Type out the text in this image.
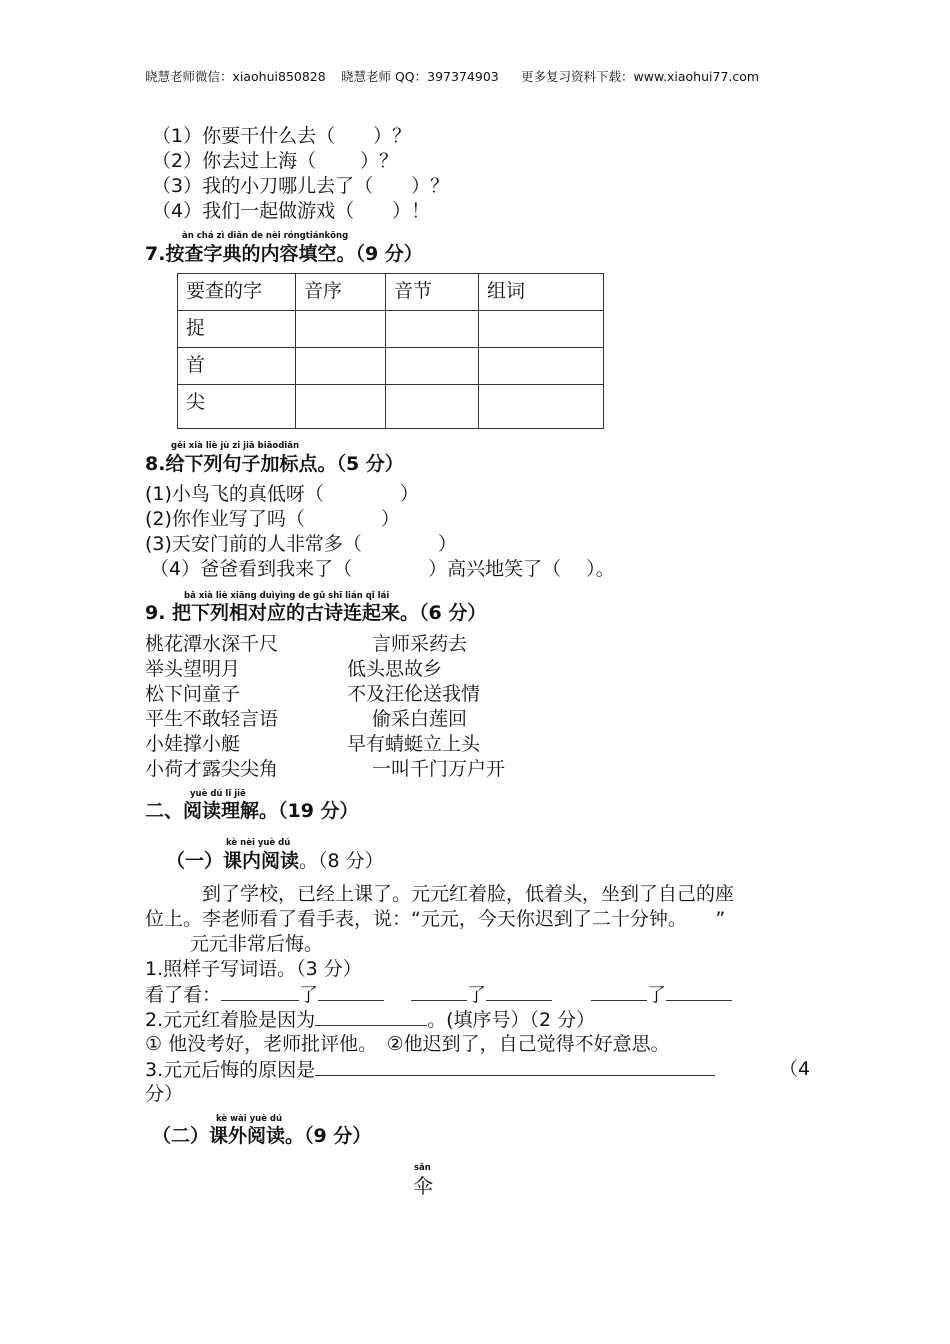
晓慧老师微信：xiaohui850828 晓慧老师 QQ：397374903 更多复习资料下载：www.xiaohui77.com
（1）你要干什么去（　　）？
（2）你去过上海（　　 ）？
（3）我的小刀哪儿去了（　　）？
（4）我们一起做游戏（　　）！
àn chá zì diǎn de nèi róngtiánkōng
7.按查字典的内容填空。（9 分）
要查的字	音序	音节	组词
捉			
首			
尖			
gěi xià liè jù zi jiā biāodiǎn
8.给下列句子加标点。（5 分）
(1)小鸟飞的真低呀（　　　　）
(2)你作业写了吗（　　　　）
(3)天安门前的人非常多（　　　　）
（4）爸爸看到我来了（　　　　）高兴地笑了（　 ）。
bǎ xià liè xiāng duìyìng de gǔ shī lián qǐ lái
9. 把下列相对应的古诗连起来。（6 分）
桃花潭水深千尺
举头望明月
松下问童子
平生不敢轻言语
小娃撑小艇
小荷才露尖尖角
言师采药去
低头思故乡
不及汪伦送我情
偷采白莲回
早有蜻蜓立上头
一叫千门万户开
yuè dú lǐ jiě
二、阅读理解。（19 分）
kè nèi yuè dú
（一）课内阅读。（8 分）
到了学校，已经上课了。元元红着脸，低着头，坐到了自己的座
位上。李老师看了看手表，说：“元元，今天你迟到了二十分钟。　　”
元元非常后悔。
1.照样子写词语。（3 分）
看了看：	了	了	了
2.元元红着脸是因为	。(填序号）（2 分）
① 他没考好，老师批评他。　②他迟到了，自己觉得不好意思。
3.元元后悔的原因是	（4
分）
kè wài yuè dú
（二）课外阅读。（9 分）
sǎn
伞
